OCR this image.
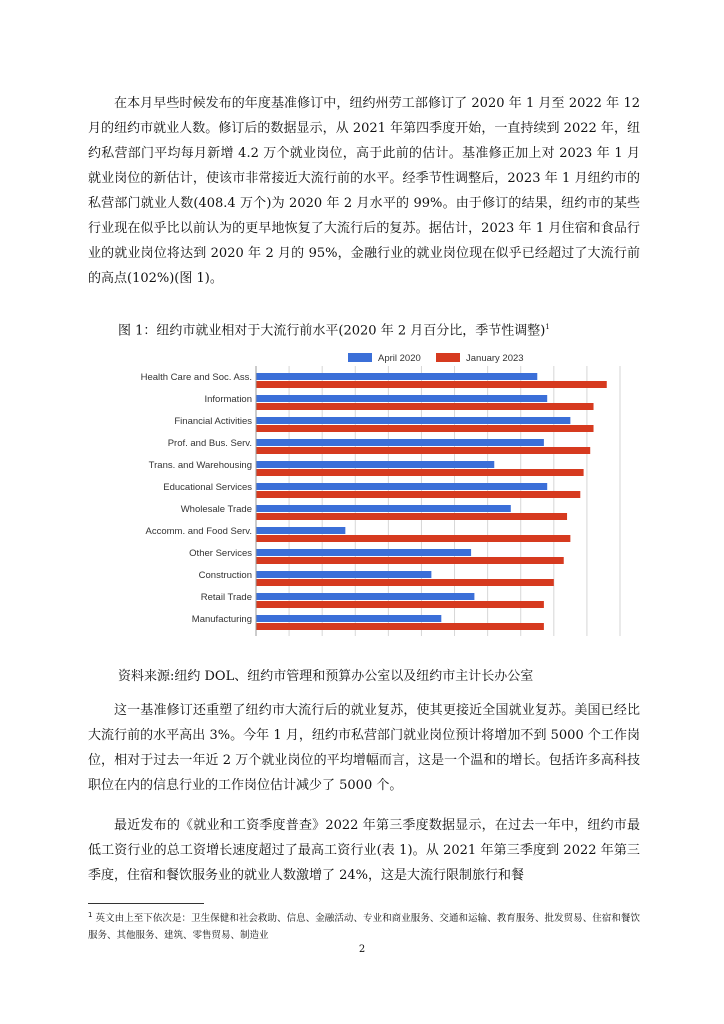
在本月早些时候发布的年度基准修订中，纽约州劳工部修订了 2020 年 1 月至 2022 年 12 月的纽约市就业人数。修订后的数据显示，从 2021 年第四季度开始，一直持续到 2022 年，纽约私营部门平均每月新增 4.2 万个就业岗位，高于此前的估计。基准修正加上对 2023 年 1 月就业岗位的新估计，使该市非常接近大流行前的水平。经季节性调整后，2023 年 1 月纽约市的私营部门就业人数(408.4 万个)为 2020 年 2 月水平的 99%。由于修订的结果，纽约市的某些行业现在似乎比以前认为的更早地恢复了大流行后的复苏。据估计，2023 年 1 月住宿和食品行业的就业岗位将达到 2020 年 2 月的 95%，金融行业的就业岗位现在似乎已经超过了大流行前的高点(102%)(图 1)。

图 1：纽约市就业相对于大流行前水平(2020 年 2 月百分比，季节性调整)$^1$

April 2020	January 2023
Health Care and Soc. Ass.
Information
Financial Activities
Prof. and Bus. Serv.
Trans. and Warehousing
Educational Services
Wholesale Trade
Accomm. and Food Serv.
Other Services
Construction
Retail Trade
Manufacturing

资料来源:纽约 DOL、纽约市管理和预算办公室以及纽约市主计长办公室

这一基准修订还重塑了纽约市大流行后的就业复苏，使其更接近全国就业复苏。美国已经比大流行前的水平高出 3%。今年 1 月，纽约市私营部门就业岗位预计将增加不到 5000 个工作岗位，相对于过去一年近 2 万个就业岗位的平均增幅而言，这是一个温和的增长。包括许多高科技职位在内的信息行业的工作岗位估计减少了 5000 个。

最近发布的《就业和工资季度普查》2022 年第三季度数据显示，在过去一年中，纽约市最低工资行业的总工资增长速度超过了最高工资行业(表 1)。从 2021 年第三季度到 2022 年第三季度，住宿和餐饮服务业的就业人数激增了 24%，这是大流行限制旅行和餐

$^1$ 英文由上至下依次是：卫生保健和社会救助、信息、金融活动、专业和商业服务、交通和运输、教育服务、批发贸易、住宿和餐饮服务、其他服务、建筑、零售贸易、制造业

2
